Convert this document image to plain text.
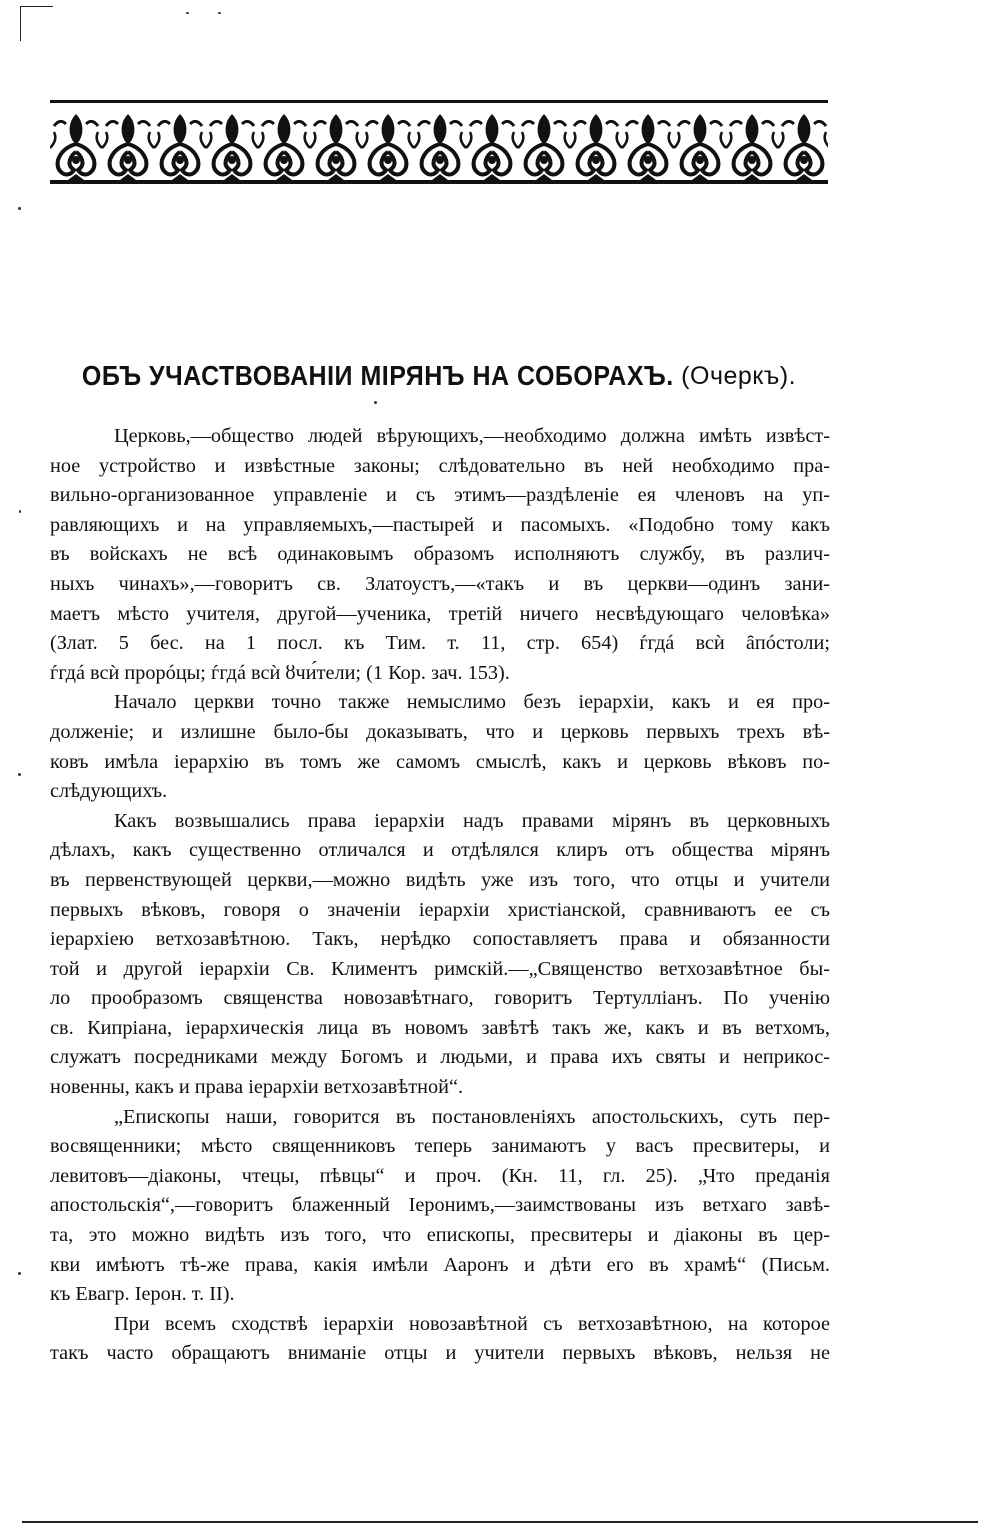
ОБЪ УЧАСТВОВАНІИ МІРЯНЪ НА СОБОРАХЪ. (Очеркъ).
Церковь,—общество людей вѣрующихъ,—необходимо должна имѣть извѣст-
ное устройство и извѣстные законы; слѣдовательно въ ней необходимо пра-
вильно-организованное управленіе и съ этимъ—раздѣленіе ея членовъ на уп-
равляющихъ и на управляемыхъ,—пастырей и пасомыхъ. «Подобно тому какъ
въ войскахъ не всѣ одинаковымъ образомъ исполняютъ службу, въ различ-
ныхъ чинахъ»,—говоритъ св. Златоустъ,—«такъ и въ церкви—одинъ зани-
маетъ мѣсто учителя, другой—ученика, третій ничего несвѣдующаго человѣка»
(Злат. 5 бес. на 1 посл. къ Тим. т. 11, стр. 654) ѓгдá всѝ ȃпóстоли;
ѓгдá всѝ прорóцы; ѓгдá всѝ ȣчи́тели; (1 Кор. зач. 153).
Начало церкви точно также немыслимо безъ іерархіи, какъ и ея про-
долженіе; и излишне было-бы доказывать, что и церковь первыхъ трехъ вѣ-
ковъ имѣла іерархію въ томъ же самомъ смыслѣ, какъ и церковь вѣковъ по-
слѣдующихъ.
Какъ возвышались права іерархіи надъ правами мірянъ въ церковныхъ
дѣлахъ, какъ существенно отличался и отдѣлялся клиръ отъ общества мірянъ
въ первенствующей церкви,—можно видѣть уже изъ того, что отцы и учители
первыхъ вѣковъ, говоря о значеніи іерархіи христіанской, сравниваютъ ее съ
іерархіею ветхозавѣтною. Такъ, нерѣдко сопоставляетъ права и обязанности
той и другой іерархіи Св. Климентъ римскій.—„Священство ветхозавѣтное бы-
ло прообразомъ священства новозавѣтнаго, говоритъ Тертулліанъ. По ученію
св. Кипріана, іерархическія лица въ новомъ завѣтѣ такъ же, какъ и въ ветхомъ,
служатъ посредниками между Богомъ и людьми, и права ихъ святы и неприкос-
новенны, какъ и права іерархіи ветхозавѣтной“.
„Епископы наши, говорится въ постановленіяхъ апостольскихъ, суть пер-
восвященники; мѣсто священниковъ теперь занимаютъ у васъ пресвитеры, и
левитовъ—діаконы, чтецы, пѣвцы“ и проч. (Кн. 11, гл. 25). „Что преданія
апостольскія“,—говоритъ блаженный Іеронимъ,—заимствованы изъ ветхаго завѣ-
та, это можно видѣть изъ того, что епископы, пресвитеры и діаконы въ цер-
кви имѣютъ тѣ-же права, какія имѣли Ааронъ и дѣти его въ храмѣ“ (Письм.
къ Евагр. Іерон. т. II).
При всемъ сходствѣ іерархіи новозавѣтной съ ветхозавѣтною, на которое
такъ часто обращаютъ вниманіе отцы и учители первыхъ вѣковъ, нельзя не
